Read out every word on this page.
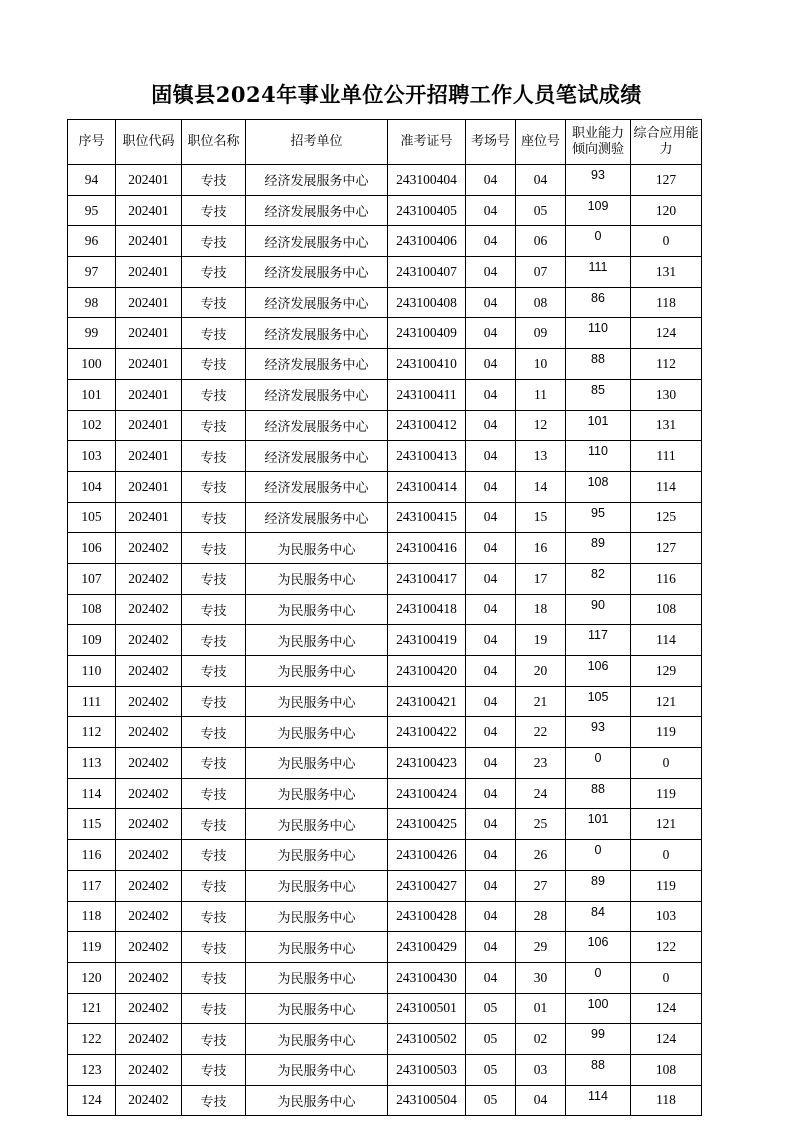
固镇县2024年事业单位公开招聘工作人员笔试成绩
序号	职位代码	职位名称	招考单位	准考证号	考场号	座位号	职业能力倾向测验	综合应用能力
94	202401	专技	经济发展服务中心	243100404	04	04	93	127
95	202401	专技	经济发展服务中心	243100405	04	05	109	120
96	202401	专技	经济发展服务中心	243100406	04	06	0	0
97	202401	专技	经济发展服务中心	243100407	04	07	111	131
98	202401	专技	经济发展服务中心	243100408	04	08	86	118
99	202401	专技	经济发展服务中心	243100409	04	09	110	124
100	202401	专技	经济发展服务中心	243100410	04	10	88	112
101	202401	专技	经济发展服务中心	243100411	04	11	85	130
102	202401	专技	经济发展服务中心	243100412	04	12	101	131
103	202401	专技	经济发展服务中心	243100413	04	13	110	111
104	202401	专技	经济发展服务中心	243100414	04	14	108	114
105	202401	专技	经济发展服务中心	243100415	04	15	95	125
106	202402	专技	为民服务中心	243100416	04	16	89	127
107	202402	专技	为民服务中心	243100417	04	17	82	116
108	202402	专技	为民服务中心	243100418	04	18	90	108
109	202402	专技	为民服务中心	243100419	04	19	117	114
110	202402	专技	为民服务中心	243100420	04	20	106	129
111	202402	专技	为民服务中心	243100421	04	21	105	121
112	202402	专技	为民服务中心	243100422	04	22	93	119
113	202402	专技	为民服务中心	243100423	04	23	0	0
114	202402	专技	为民服务中心	243100424	04	24	88	119
115	202402	专技	为民服务中心	243100425	04	25	101	121
116	202402	专技	为民服务中心	243100426	04	26	0	0
117	202402	专技	为民服务中心	243100427	04	27	89	119
118	202402	专技	为民服务中心	243100428	04	28	84	103
119	202402	专技	为民服务中心	243100429	04	29	106	122
120	202402	专技	为民服务中心	243100430	04	30	0	0
121	202402	专技	为民服务中心	243100501	05	01	100	124
122	202402	专技	为民服务中心	243100502	05	02	99	124
123	202402	专技	为民服务中心	243100503	05	03	88	108
124	202402	专技	为民服务中心	243100504	05	04	114	118
